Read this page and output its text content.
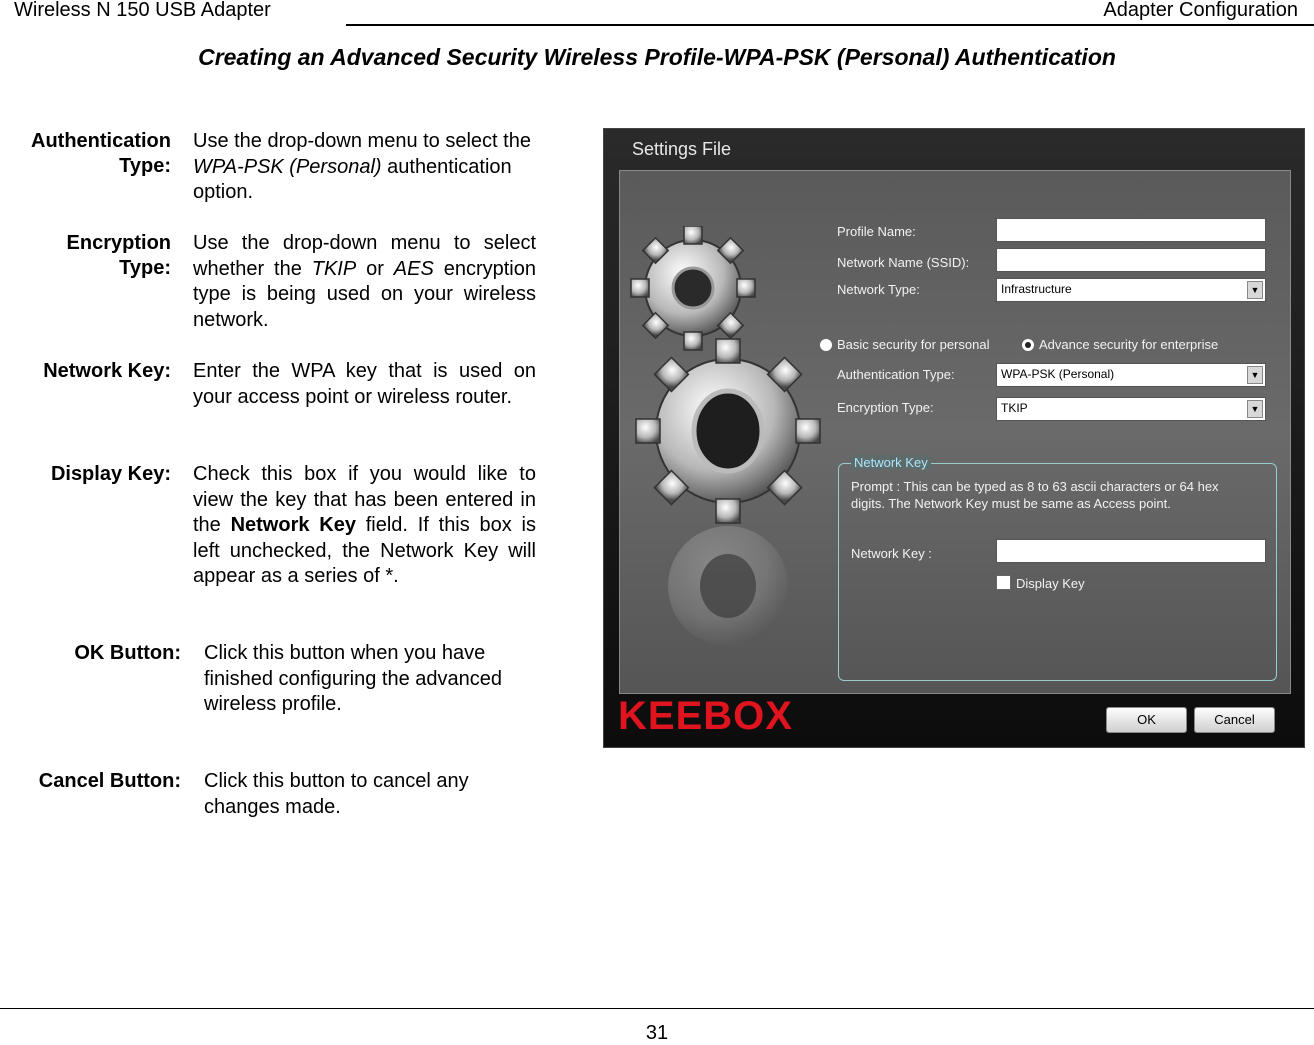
Wireless N 150 USB Adapter	Adapter Configuration
Creating an Advanced Security Wireless Profile-WPA-PSK (Personal) Authentication
Authentication
Type:
Use the drop-down menu to select the WPA-PSK (Personal) authentication option.
Encryption
Type:
Use the drop-down menu to select whether the TKIP or AES encryption type is being used on your wireless network.
Network Key: Enter the WPA key that is used on your access point or wireless router.
Display Key: Check this box if you would like to view the key that has been entered in the Network Key field. If this box is left unchecked, the Network Key will appear as a series of *.
OK Button: Click this button when you have finished configuring the advanced wireless profile.
Cancel Button: Click this button to cancel any changes made.
Settings File
Profile Name:
Network Name (SSID):
Network Type:	Infrastructure	▼
Basic security for personal	Advance security for enterprise
Authentication Type:	WPA-PSK (Personal)	▼
Encryption Type:	TKIP	▼
Network Key
Prompt : This can be typed as 8 to 63 ascii characters or 64 hex digits. The Network Key must be same as Access point.
Network Key :
Display Key
KEEBOX	OK	Cancel
31
